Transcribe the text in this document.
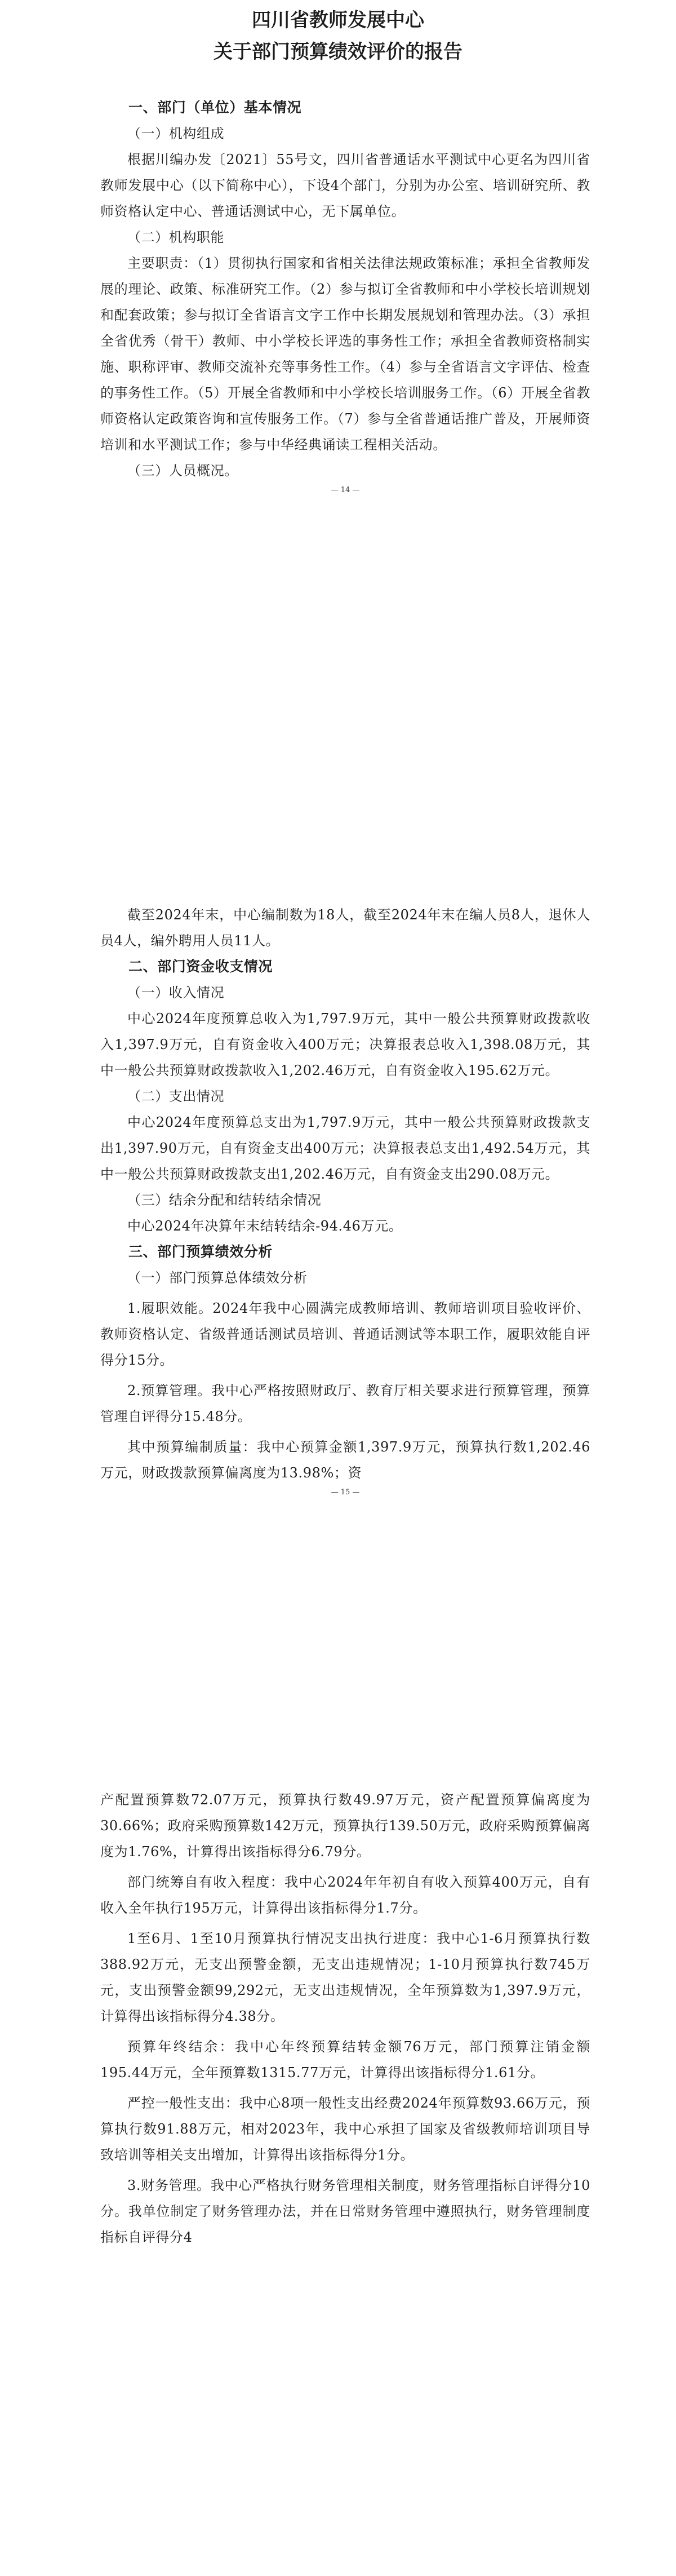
四川省教师发展中心
关于部门预算绩效评价的报告

一、部门（单位）基本情况

（一）机构组成

根据川编办发〔2021〕55号文，四川省普通话水平测试中心更名为四川省教师发展中心（以下简称中心），下设4个部门，分别为办公室、培训研究所、教师资格认定中心、普通话测试中心，无下属单位。

（二）机构职能

主要职责：（1）贯彻执行国家和省相关法律法规政策标准；承担全省教师发展的理论、政策、标准研究工作。（2）参与拟订全省教师和中小学校长培训规划和配套政策；参与拟订全省语言文字工作中长期发展规划和管理办法。（3）承担全省优秀（骨干）教师、中小学校长评选的事务性工作；承担全省教师资格制实施、职称评审、教师交流补充等事务性工作。（4）参与全省语言文字评估、检查的事务性工作。（5）开展全省教师和中小学校长培训服务工作。（6）开展全省教师资格认定政策咨询和宣传服务工作。（7）参与全省普通话推广普及，开展师资培训和水平测试工作；参与中华经典诵读工程相关活动。

（三）人员概况。

— 14 —

截至2024年末，中心编制数为18人，截至2024年末在编人员8人，退休人员4人，编外聘用人员11人。

二、部门资金收支情况

（一）收入情况

中心2024年度预算总收入为1,797.9万元，其中一般公共预算财政拨款收入1,397.9万元，自有资金收入400万元；决算报表总收入1,398.08万元，其中一般公共预算财政拨款收入1,202.46万元，自有资金收入195.62万元。

（二）支出情况

中心2024年度预算总支出为1,797.9万元，其中一般公共预算财政拨款支出1,397.90万元，自有资金支出400万元；决算报表总支出1,492.54万元，其中一般公共预算财政拨款支出1,202.46万元，自有资金支出290.08万元。

（三）结余分配和结转结余情况

中心2024年决算年末结转结余-94.46万元。

三、部门预算绩效分析

（一）部门预算总体绩效分析

1.履职效能。2024年我中心圆满完成教师培训、教师培训项目验收评价、教师资格认定、省级普通话测试员培训、普通话测试等本职工作，履职效能自评得分15分。

2.预算管理。我中心严格按照财政厅、教育厅相关要求进行预算管理，预算管理自评得分15.48分。

其中预算编制质量：我中心预算金额1,397.9万元，预算执行数1,202.46万元，财政拨款预算偏离度为13.98%；资

— 15 —

产配置预算数72.07万元，预算执行数49.97万元，资产配置预算偏离度为30.66%；政府采购预算数142万元，预算执行139.50万元，政府采购预算偏离度为1.76%，计算得出该指标得分6.79分。

部门统筹自有收入程度：我中心2024年年初自有收入预算400万元，自有收入全年执行195万元，计算得出该指标得分1.7分。

1至6月、1至10月预算执行情况支出执行进度：我中心1-6月预算执行数388.92万元，无支出预警金额，无支出违规情况；1-10月预算执行数745万元，支出预警金额99,292元，无支出违规情况，全年预算数为1,397.9万元，计算得出该指标得分4.38分。

预算年终结余：我中心年终预算结转金额76万元，部门预算注销金额195.44万元，全年预算数1315.77万元，计算得出该指标得分1.61分。

严控一般性支出：我中心8项一般性支出经费2024年预算数93.66万元，预算执行数91.88万元，相对2023年，我中心承担了国家及省级教师培训项目导致培训等相关支出增加，计算得出该指标得分1分。

3.财务管理。我中心严格执行财务管理相关制度，财务管理指标自评得分10分。我单位制定了财务管理办法，并在日常财务管理中遵照执行，财务管理制度指标自评得分4
